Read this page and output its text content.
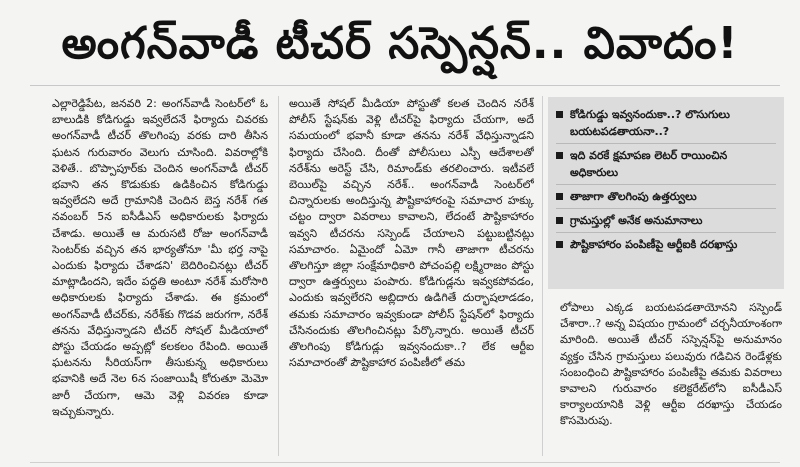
అంగన్‌వాడీ టీచర్ సస్పెన్షన్.. వివాదం!

ఎల్లారెడ్డిపేట, జనవరి 2: అంగన్‌వాడీ సెంటర్‌లో ఓ బాలుడికి కోడిగుడ్డు ఇవ్వలేదనే ఫిర్యాదు చివరకు అంగన్‌వాడీ టీచర్ తొలగింపు వరకు దారి తీసిన ఘటన గురువారం వెలుగు చూసింది. వివరాల్లోకి వెళితే.. బొప్పాపూర్‌కు చెందిన అంగన్‌వాడీ టీచర్ భవాని తన కొడుకుకు ఉడికించిన కోడిగుడ్డు ఇవ్వలేదని అదే గ్రామానికి చెందిన బెస్త నరేశ్ గత నవంబర్ 5న ఐసీడీఎస్ అధికారులకు ఫిర్యాదు చేశాడు. అయితే ఆ మరుసటి రోజు అంగన్‌వాడీ సెంటర్‌కు వచ్చిన తన భార్యతోనూ 'మీ భర్త నాపై ఎందుకు ఫిర్యాదు చేశాడని' బెదిరించినట్లు టీచర్ మాట్లాడిందని, ఇదేం పద్ధతి అంటూ నరేశ్ మరోసారి అధికారులకు ఫిర్యాదు చేశాడు. ఈ క్రమంలో అంగన్‌వాడీ టీచర్‌కు, నరేశ్‌కు గొడవ జరుగగా, నరేశ్ తనను వేధిస్తున్నాడని టీచర్ సోషల్ మీడియాలో పోస్టు చేయడం అప్పట్లో కలకలం రేపింది. అయితే ఘటనను సీరియస్‌గా తీసుకున్న అధికారులు భవానికి అదే నెల 6న సంజాయిషీ కోరుతూ మెమో జారీ చేయగా, ఆమె వెళ్లి వివరణ కూడా ఇచ్చుకున్నారు.

అయితే సోషల్ మీడియా పోస్టుతో కలత చెందిన నరేశ్ పోలీస్ స్టేషన్‌కు వెళ్లి టీచర్‌పై ఫిర్యాదు చేయగా, అదే సమయంలో భవానీ కూడా తనను నరేశ్ వేధిస్తున్నాడని ఫిర్యాదు చేసింది. దీంతో పోలీసులు ఎస్పీ ఆదేశాలతో నరేశ్‌ను అరెస్ట్ చేసి, రిమాండ్‌కు తరలించారు. ఇటీవలే బెయిల్‌పై వచ్చిన నరేశ్.. అంగన్‌వాడీ సెంటర్‌లో చిన్నారులకు అందిస్తున్న పౌష్టికాహారంపై సమాచార హక్కు చట్టం ద్వారా వివరాలు కావాలని, లేదంటే పౌష్టికాహారం ఇవ్వని టీచరను సస్పెండ్ చేయాలని పట్టుబట్టినట్లు సమాచారం. ఏమైందో ఏమో గానీ తాజాగా టీచరను తొలగిస్తూ జిల్లా సంక్షేమాధికారి పోచంపల్లి లక్ష్మిరాజం పోస్టు ద్వారా ఉత్తర్వులు పంపారు. కోడిగుడ్లను ఇవ్వకపోవడం, ఎందుకు ఇవ్వలేరని అబ్లిదారు ఉడిగితే దుర్భాషలాడడం, తమకు సమాచారం ఇవ్వకుండా పోలీస్ స్టేషన్‌లో ఫిర్యాదు చేసినందుకు తొలగించినట్లు పేర్కొన్నారు. అయితే టీచర్ తొలగింపు కోడిగుడ్లు ఇవ్వనందుకా..? లేక ఆర్టీఐ సమాచారంతో పౌష్టికాహార పంపిణీలో తమ

కోడిగుడ్డు ఇవ్వనందుకా..? లొసుగులు బయటపడతాయనా..?
ఇది వరకే క్షమాపణ లెటర్ రాయించిన అధికారులు
తాజాగా తొలగింపు ఉత్తర్వులు
గ్రామస్తుల్లో అనేక అనుమానాలు
పౌష్టికాహారం పంపిణీపై ఆర్టీఐకి దరఖాస్తు

లోపాలు ఎక్కడ బయటపడతాయోనని సస్పెండ్ చేశారా..? అన్న విషయం గ్రామంలో చర్చనీయాంశంగా మారింది. అయితే టీచర్ సస్పెన్షన్‌పై అనుమానం వ్యక్తం చేసిన గ్రామస్తులు పలువురు గడిచిన రెండేళ్లకు సంబంధించి పౌష్టికాహారం పంపిణీపై తమకు వివరాలు కావాలని గురువారం కలెక్టరేట్‌లోని ఐసీడీఎస్ కార్యాలయానికి వెళ్లి ఆర్టీఐ దరఖాస్తు చేయడం కొసమెరుపు.
